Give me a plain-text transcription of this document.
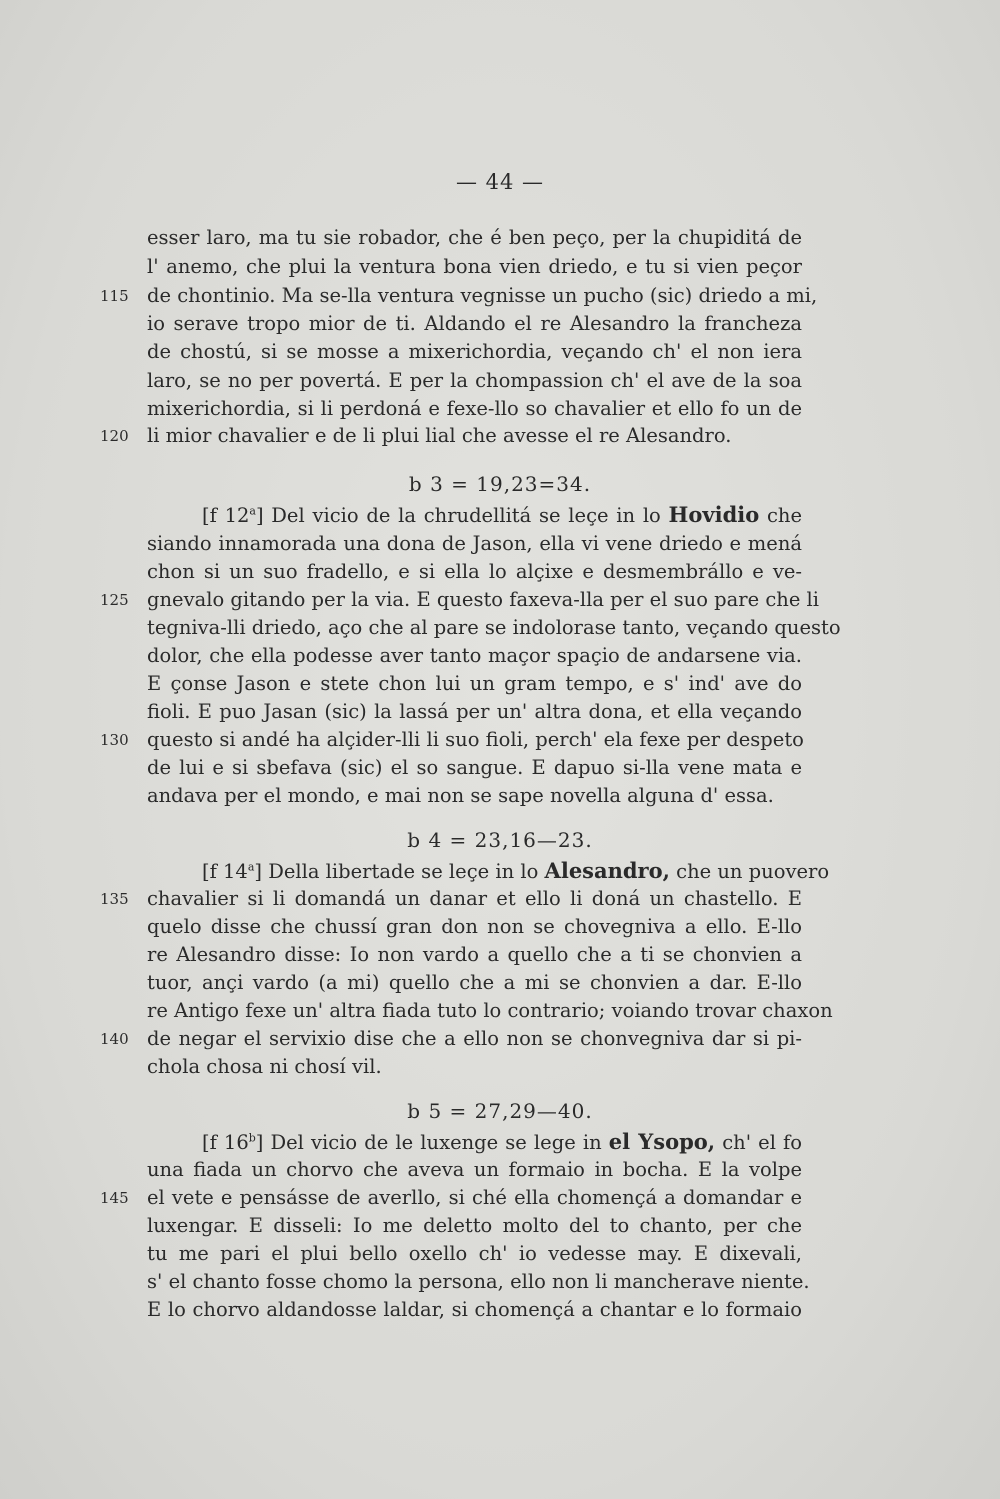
— 44 —
esser laro, ma tu sie robador, che é ben peço, per la chupiditá de
l' anemo, che plui la ventura bona vien driedo, e tu si vien peçor
115 de chontinio. Ma se-lla ventura vegnisse un pucho (sic) driedo a mi,
io serave tropo mior de ti. Aldando el re Alesandro la francheza
de chostú, si se mosse a mixerichordia, veçando ch' el non iera
laro, se no per povertá. E per la chompassion ch' el ave de la soa
mixerichordia, si li perdoná e fexe-llo so chavalier et ello fo un de
120 li mior chavalier e de li plui lial che avesse el re Alesandro.
b 3 = 19,23=34.
[f 12$^a$] Del vicio de la chrudellitá se leçe in lo Hovidio che
siando innamorada una dona de Jason, ella vi vene driedo e mená
chon si un suo fradello, e si ella lo alçixe e desmembrállo e ve-
125 gnevalo gitando per la via. E questo faxeva-lla per el suo pare che li
tegniva-lli driedo, aço che al pare se indolorase tanto, veçando questo
dolor, che ella podesse aver tanto maçor spaçio de andarsene via.
E çonse Jason e stete chon lui un gram tempo, e s' ind' ave do
fioli. E puo Jasan (sic) la lassá per un' altra dona, et ella veçando
130 questo si andé ha alçider-lli li suo fioli, perch' ela fexe per despeto
de lui e si sbefava (sic) el so sangue. E dapuo si-lla vene mata e
andava per el mondo, e mai non se sape novella alguna d' essa.
b 4 = 23,16—23.
[f 14$^a$] Della libertade se leçe in lo Alesandro, che un puovero
135 chavalier si li domandá un danar et ello li doná un chastello. E
quelo disse che chussí gran don non se chovegniva a ello. E-llo
re Alesandro disse: Io non vardo a quello che a ti se chonvien a
tuor, ançi vardo (a mi) quello che a mi se chonvien a dar. E-llo
re Antigo fexe un' altra fiada tuto lo contrario; voiando trovar chaxon
140 de negar el servixio dise che a ello non se chonvegniva dar si pi-
chola chosa ni chosí vil.
b 5 = 27,29—40.
[f 16$^b$] Del vicio de le luxenge se lege in el Ysopo, ch' el fo
una fiada un chorvo che aveva un formaio in bocha. E la volpe
145 el vete e pensásse de averllo, si ché ella chomençá a domandar e
luxengar. E disseli: Io me deletto molto del to chanto, per che
tu me pari el plui bello oxello ch' io vedesse may. E dixevali,
s' el chanto fosse chomo la persona, ello non li mancherave niente.
E lo chorvo aldandosse laldar, si chomençá a chantar e lo formaio
